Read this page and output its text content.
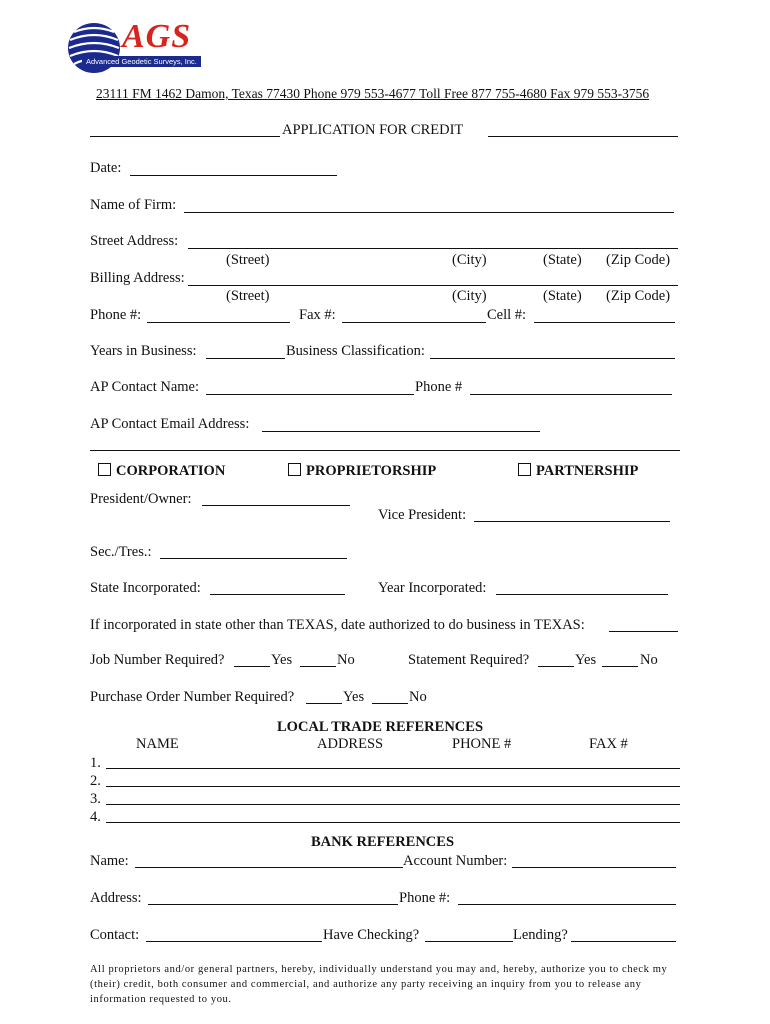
AGS
Advanced Geodetic Surveys, Inc.
23111 FM 1462 Damon, Texas 77430 Phone 979 553-4677 Toll Free 877 755-4680 Fax 979 553-3756
APPLICATION FOR CREDIT
Date:
Name of Firm:
Street Address:
(Street)	(City)	(State) (Zip Code)
Billing Address:
(Street)	(City)	(State) (Zip Code)
Phone #:	Fax #:	Cell #:
Years in Business:	Business Classification:
AP Contact Name:	Phone #
AP Contact Email Address:
CORPORATION	PROPRIETORSHIP	PARTNERSHIP
President/Owner:
Vice President:
Sec./Tres.:
State Incorporated:	Year Incorporated:
If incorporated in state other than TEXAS, date authorized to do business in TEXAS:
Job Number Required?	Yes	No	Statement Required?	Yes	No
Purchase Order Number Required?	Yes	No
LOCAL TRADE REFERENCES
NAME	ADDRESS	PHONE #	FAX #
1.
2.
3.
4.
BANK REFERENCES
Name:	Account Number:
Address:	Phone #:
Contact:	Have Checking?	Lending?
All proprietors and/or general partners, hereby, individually understand you may and, hereby, authorize you to check my (their) credit, both consumer and commercial, and authorize any party receiving an inquiry from you to release any information requested to you.
